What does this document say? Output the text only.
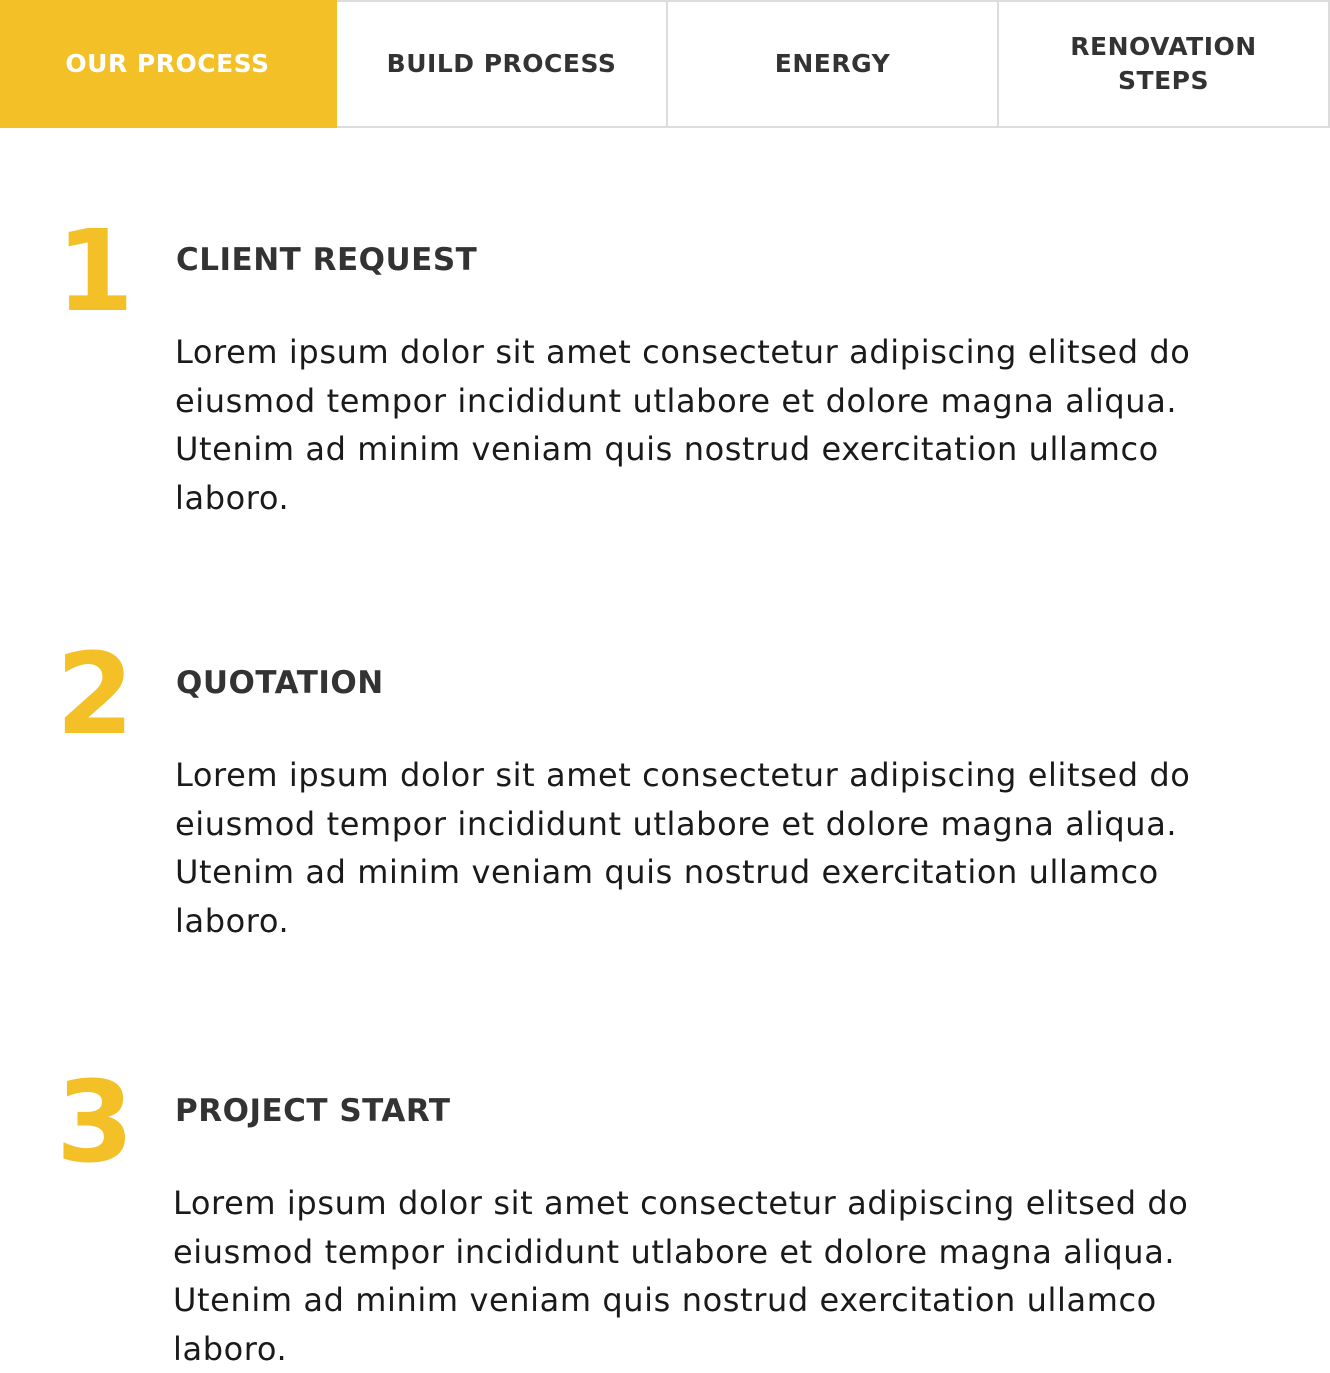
OUR PROCESS	BUILD PROCESS	ENERGY
RENOVATION STEPS
1	CLIENT REQUEST

Lorem ipsum dolor sit amet consectetur adipiscing elitsed do eiusmod tempor incididunt utlabore et dolore magna aliqua. Utenim ad minim veniam quis nostrud exercitation ullamco laboro.

2	QUOTATION

Lorem ipsum dolor sit amet consectetur adipiscing elitsed do eiusmod tempor incididunt utlabore et dolore magna aliqua. Utenim ad minim veniam quis nostrud exercitation ullamco laboro.

3	PROJECT START

Lorem ipsum dolor sit amet consectetur adipiscing elitsed do eiusmod tempor incididunt utlabore et dolore magna aliqua. Utenim ad minim veniam quis nostrud exercitation ullamco laboro.
